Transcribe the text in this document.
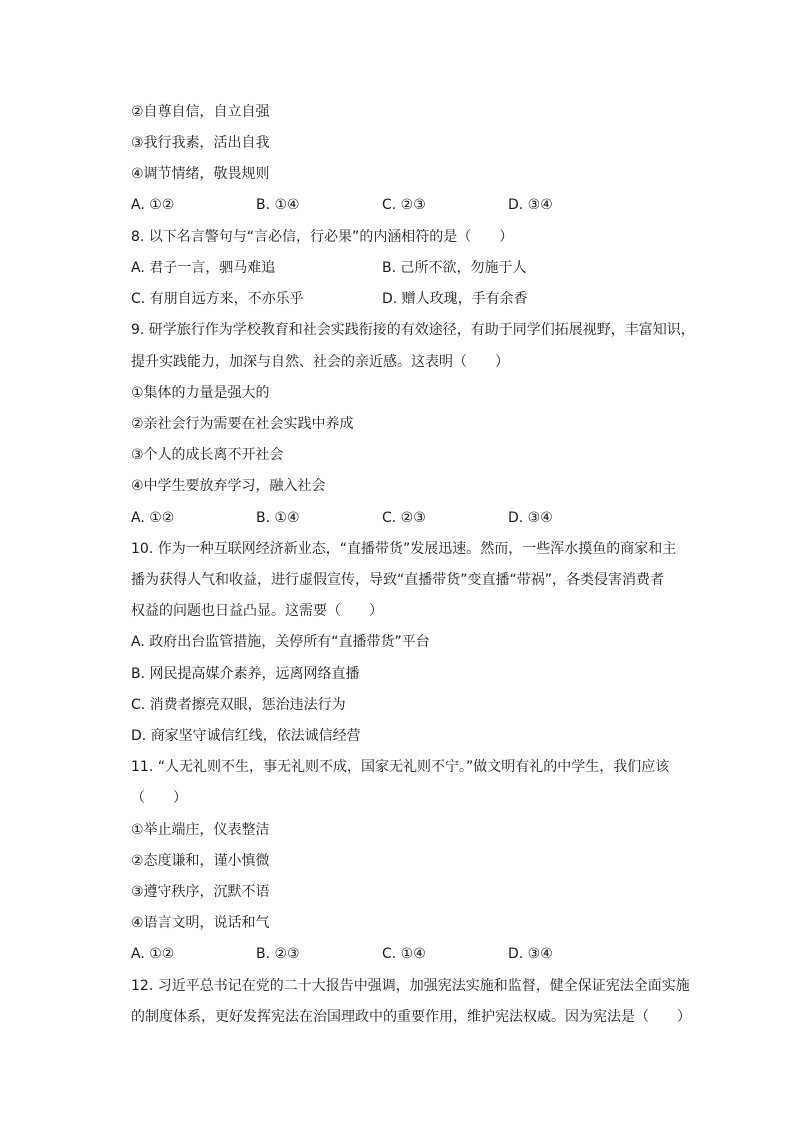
②自尊自信，自立自强
③我行我素，活出自我
④调节情绪，敬畏规则
A. ①②	B. ①④	C. ②③	D. ③④
8. 以下名言警句与“言必信，行必果”的内涵相符的是（　　）
A. 君子一言，驷马难追	B. 己所不欲，勿施于人
C. 有朋自远方来，不亦乐乎	D. 赠人玫瑰，手有余香
9. 研学旅行作为学校教育和社会实践衔接的有效途径，有助于同学们拓展视野，丰富知识，
提升实践能力，加深与自然、社会的亲近感。这表明（　　）
①集体的力量是强大的
②亲社会行为需要在社会实践中养成
③个人的成长离不开社会
④中学生要放弃学习，融入社会
A. ①②	B. ①④	C. ②③	D. ③④
10. 作为一种互联网经济新业态，“直播带货”发展迅速。然而，一些浑水摸鱼的商家和主
播为获得人气和收益，进行虚假宣传，导致“直播带货”变直播“带祸”，各类侵害消费者
权益的问题也日益凸显。这需要（　　）
A. 政府出台监管措施，关停所有“直播带货”平台
B. 网民提高媒介素养，远离网络直播
C. 消费者擦亮双眼，惩治违法行为
D. 商家坚守诚信红线，依法诚信经营
11. “人无礼则不生，事无礼则不成，国家无礼则不宁。”做文明有礼的中学生，我们应该
（　　）
①举止端庄，仪表整洁
②态度谦和，谨小慎微
③遵守秩序，沉默不语
④语言文明，说话和气
A. ①②	B. ②③	C. ①④	D. ③④
12. 习近平总书记在党的二十大报告中强调，加强宪法实施和监督，健全保证宪法全面实施
的制度体系，更好发挥宪法在治国理政中的重要作用，维护宪法权威。因为宪法是（　　）
